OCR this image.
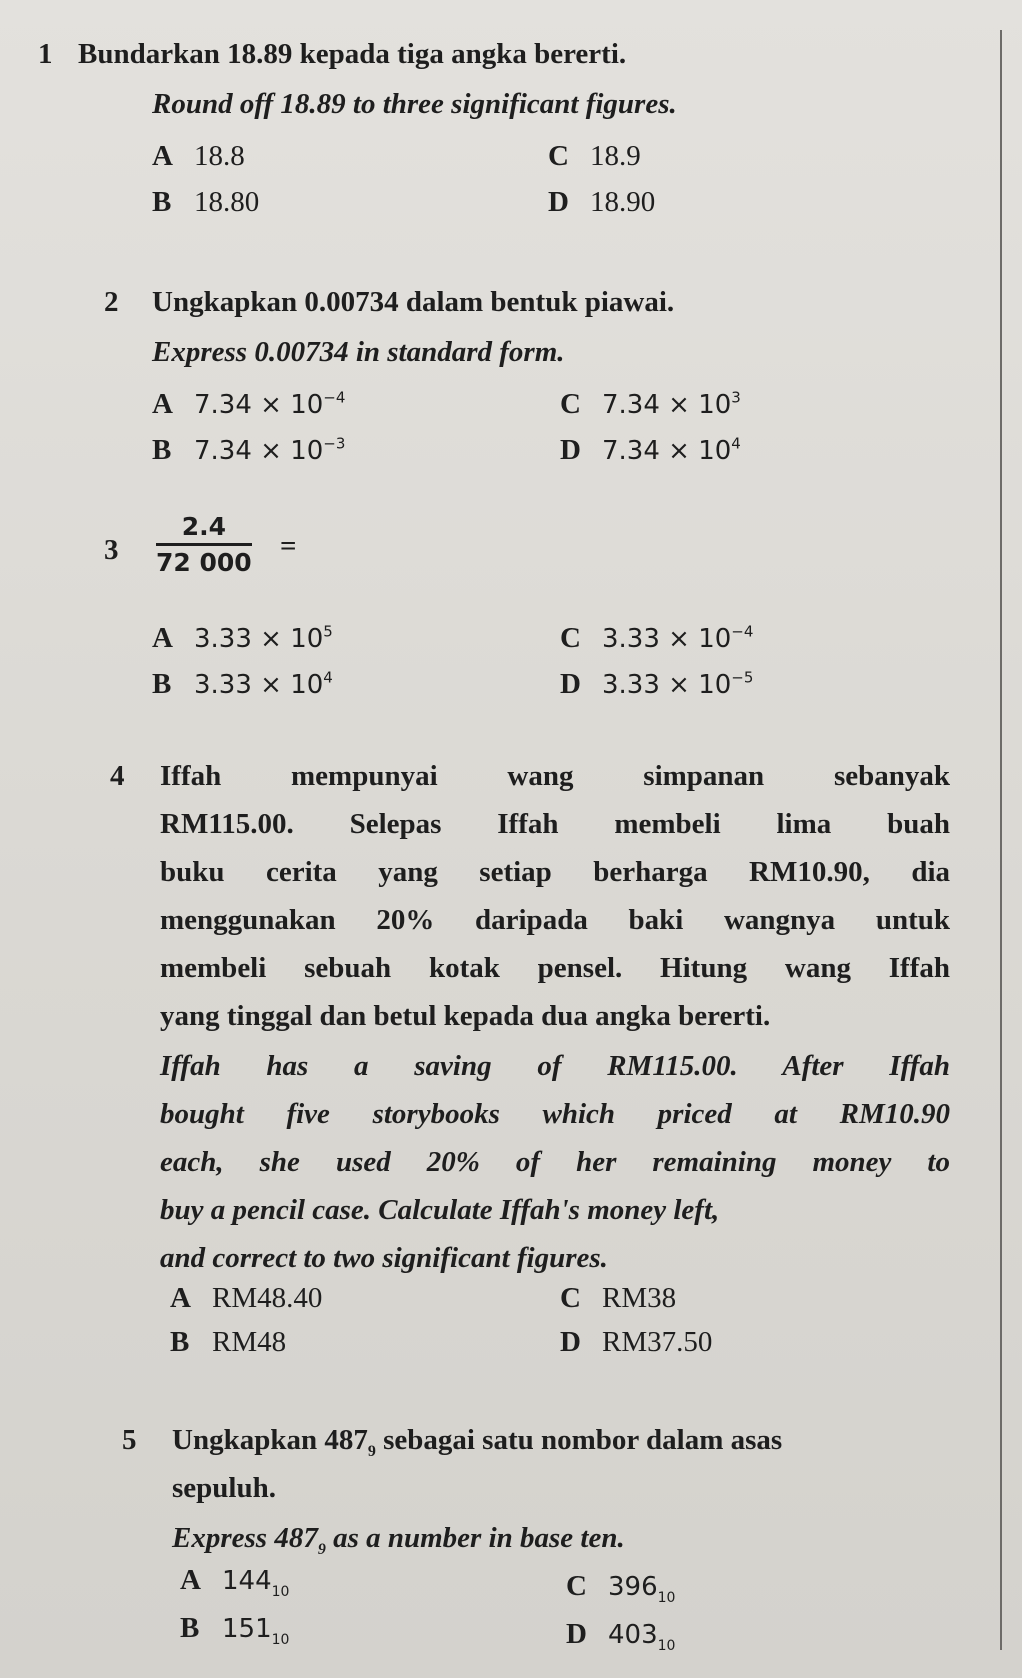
1 Bundarkan 18.89 kepada tiga angka bererti.
Round off 18.89 to three significant figures.
A 18.8
B 18.80
C 18.9
D 18.90
2 Ungkapkan 0.00734 dalam bentuk piawai.
Express 0.00734 in standard form.
A $7.34 \times 10^{-4}$
B $7.34 \times 10^{-3}$
C $7.34 \times 10^3$
D $7.34 \times 10^4$
$3 \frac{2.4}{72 000}$ =
A $3.33 \times 10^5$
B $3.33 \times 10^4$
C $3.33 \times 10^{-4}$
D $3.33 \times 10^{-5}$
4 Iffah mempunyai wang simpanan sebanyak
RM115.00. Selepas Iffah membeli lima buah
buku cerita yang setiap berharga RM10.90, dia
menggunakan 20% daripada baki wangnya untuk
membeli sebuah kotak pensel. Hitung wang Iffah
yang tinggal dan betul kepada dua angka bererti.
Iffah has a saving of RM115.00. After Iffah
bought five storybooks which priced at RM10.90
each, she used 20% of her remaining money to
buy a pencil case. Calculate Iffah's money left,
and correct to two significant figures.
A RM48.40
B RM48
C RM38
D RM37.50
5 Ungkapkan $487_9$ sebagai satu nombor dalam asas
sepuluh.
Express $487_9$ as a number in base ten.
A $144_{10}$
B $151_{10}$
C $396_{10}$
D $403_{10}$
